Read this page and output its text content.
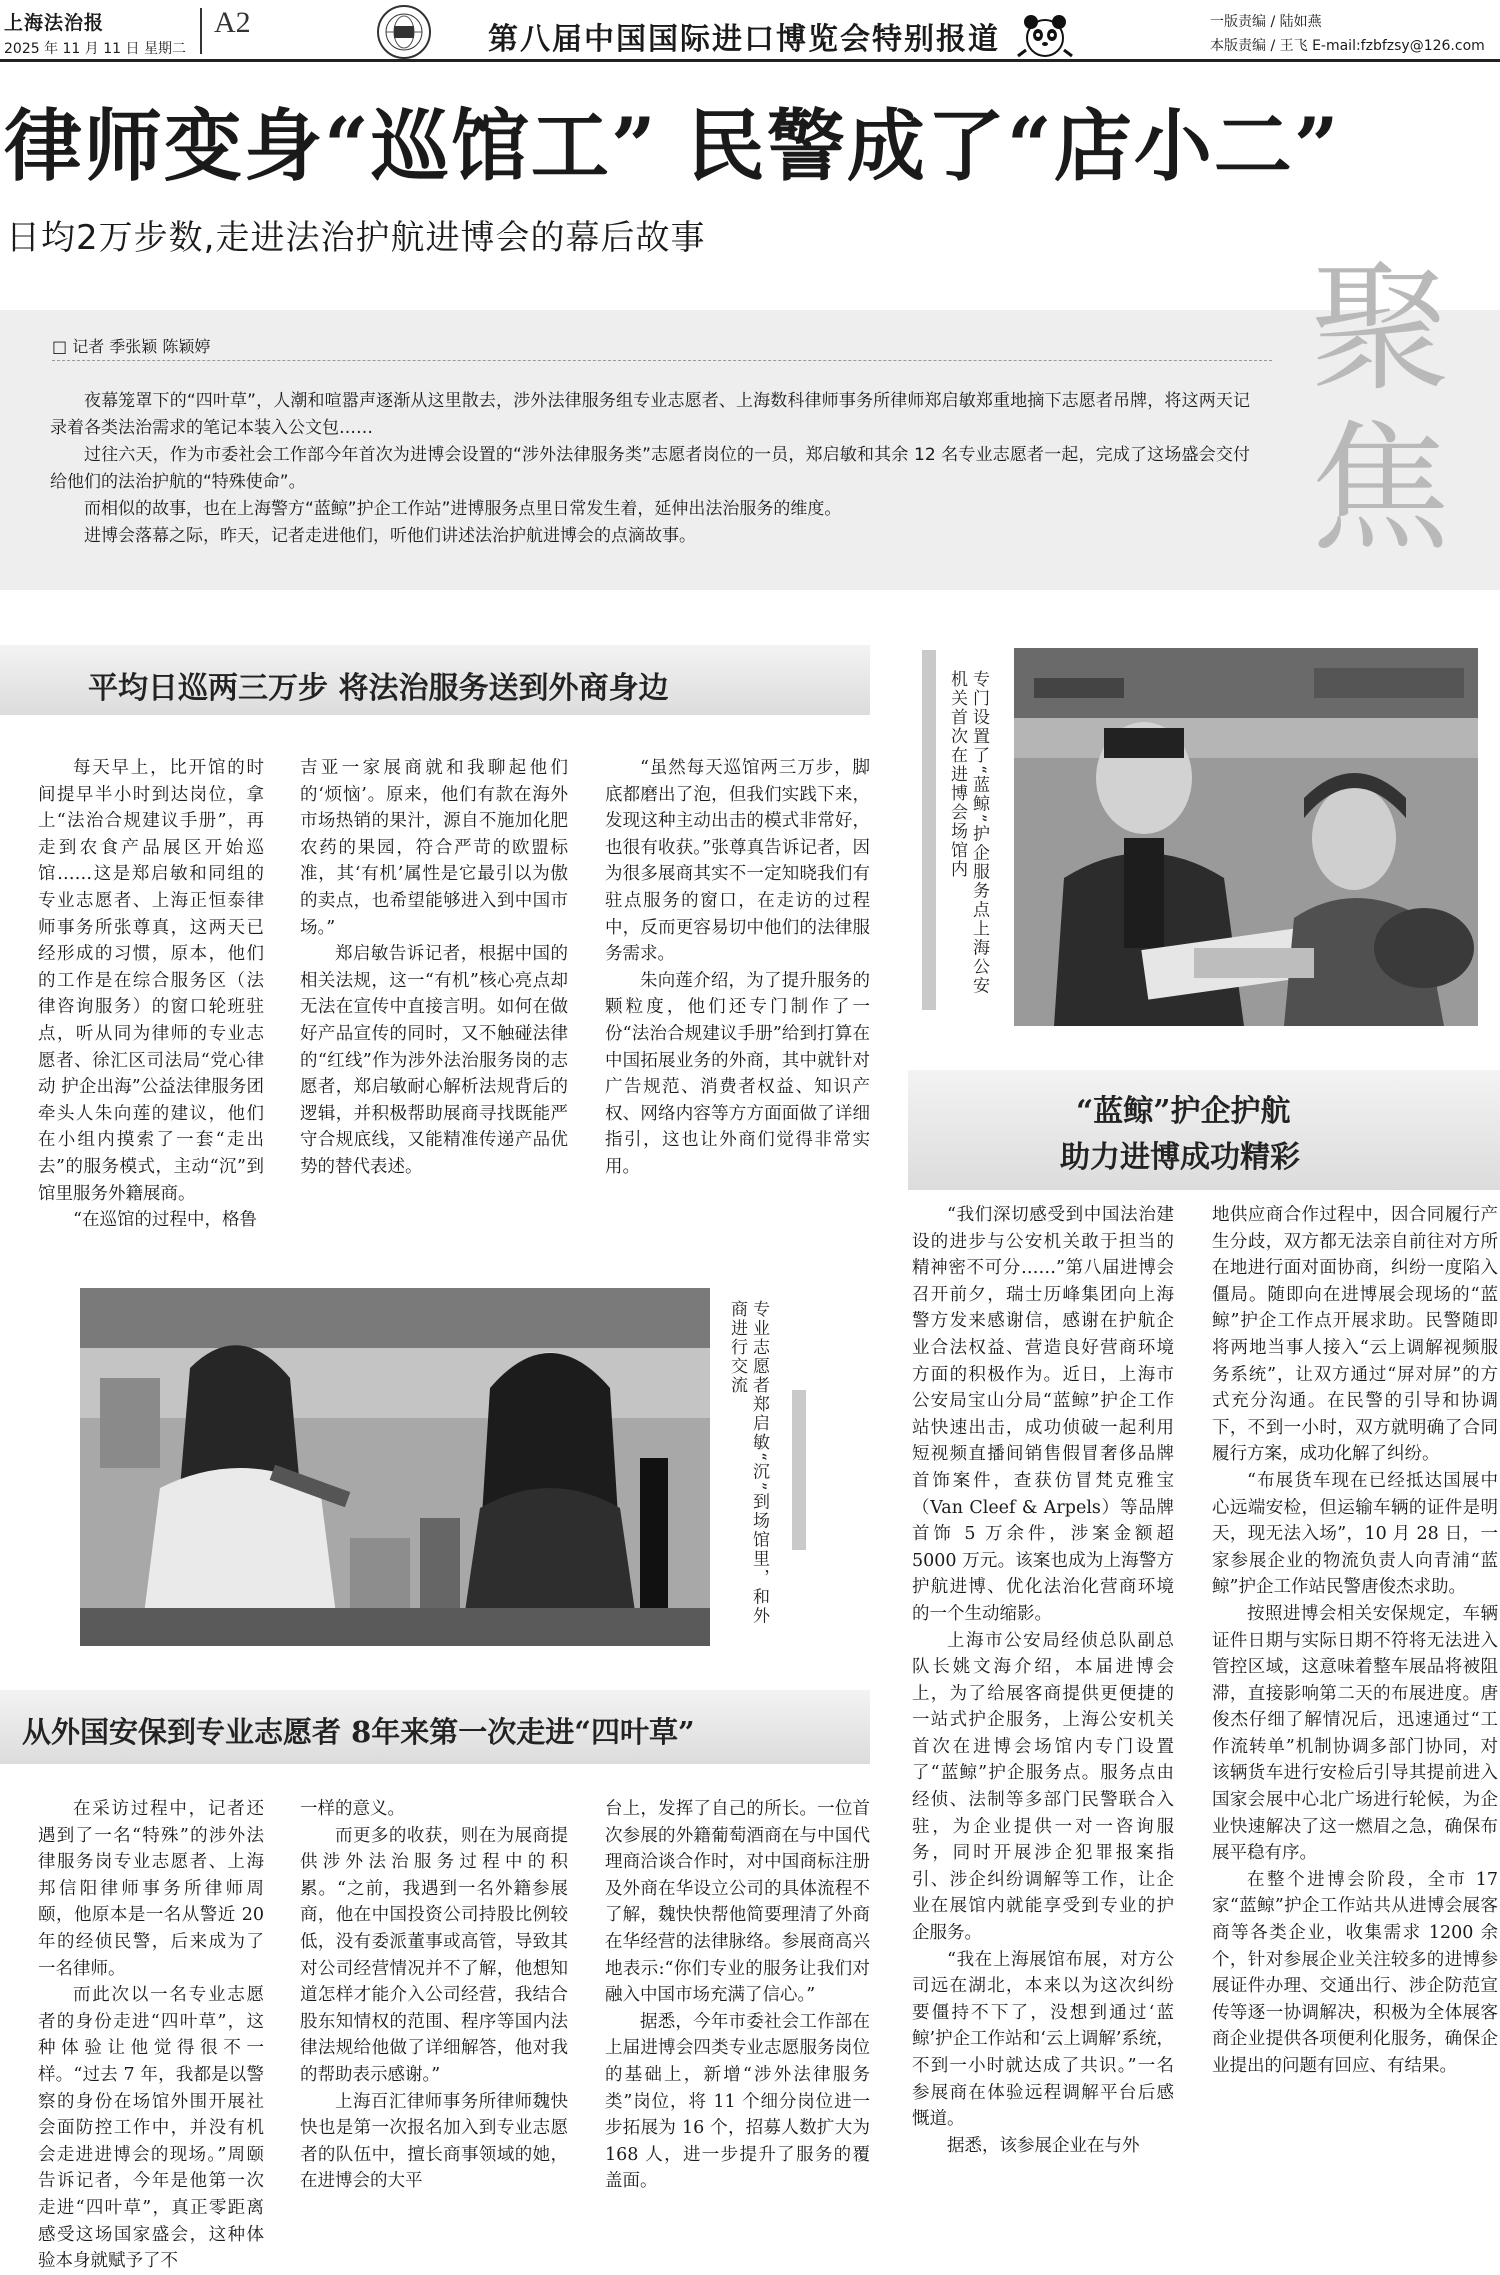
上海法治报
2025 年 11 月 11 日 星期二
A2	第八届中国国际进口博览会特别报道	一版责编 / 陆如燕
本版责编 / 王飞 E-mail:fzbfzsy@126.com
律师变身“巡馆工” 民警成了“店小二”
日均2万步数,走进法治护航进博会的幕后故事
聚焦
□ 记者 季张颖 陈颖婷

夜幕笼罩下的“四叶草”，人潮和喧嚣声逐渐从这里散去，涉外法律服务组专业志愿者、上海数科律师事务所律师郑启敏郑重地摘下志愿者吊牌，将这两天记录着各类法治需求的笔记本装入公文包……

过往六天，作为市委社会工作部今年首次为进博会设置的“涉外法律服务类”志愿者岗位的一员，郑启敏和其余 12 名专业志愿者一起，完成了这场盛会交付给他们的法治护航的“特殊使命”。

而相似的故事，也在上海警方“蓝鲸”护企工作站”进博服务点里日常发生着，延伸出法治服务的维度。

进博会落幕之际，昨天，记者走进他们，听他们讲述法治护航进博会的点滴故事。

平均日巡两三万步 将法治服务送到外商身边

每天早上，比开馆的时间提早半小时到达岗位，拿上“法治合规建议手册”，再走到农食产品展区开始巡馆……这是郑启敏和同组的专业志愿者、上海正恒泰律师事务所张尊真，这两天已经形成的习惯，原本，他们的工作是在综合服务区（法律咨询服务）的窗口轮班驻点，听从同为律师的专业志愿者、徐汇区司法局“党心律动 护企出海”公益法律服务团牵头人朱向莲的建议，他们在小组内摸索了一套“走出去”的服务模式，主动“沉”到馆里服务外籍展商。

“在巡馆的过程中，格鲁

吉亚一家展商就和我聊起他们的‘烦恼’。原来，他们有款在海外市场热销的果汁，源自不施加化肥农药的果园，符合严苛的欧盟标准，其‘有机’属性是它最引以为傲的卖点，也希望能够进入到中国市场。”

郑启敏告诉记者，根据中国的相关法规，这一“有机”核心亮点却无法在宣传中直接言明。如何在做好产品宣传的同时，又不触碰法律的“红线”作为涉外法治服务岗的志愿者，郑启敏耐心解析法规背后的逻辑，并积极帮助展商寻找既能严守合规底线，又能精准传递产品优势的替代表述。

“虽然每天巡馆两三万步，脚底都磨出了泡，但我们实践下来，发现这种主动出击的模式非常好，也很有收获。”张尊真告诉记者，因为很多展商其实不一定知晓我们有驻点服务的窗口，在走访的过程中，反而更容易切中他们的法律服务需求。

朱向莲介绍，为了提升服务的颗粒度，他们还专门制作了一份“法治合规建议手册”给到打算在中国拓展业务的外商，其中就针对广告规范、消费者权益、知识产权、网络内容等方方面面做了详细指引，这也让外商们觉得非常实用。

专门设置了“蓝鲸”护企服务点上海公安机关首次在进博会场馆内
专业志愿者郑启敏“沉”到场馆里，和外商进行交流
“蓝鲸”护企护航
助力进博成功精彩

“我们深切感受到中国法治建设的进步与公安机关敢于担当的精神密不可分……”第八届进博会召开前夕，瑞士历峰集团向上海警方发来感谢信，感谢在护航企业合法权益、营造良好营商环境方面的积极作为。近日，上海市公安局宝山分局“蓝鲸”护企工作站快速出击，成功侦破一起利用短视频直播间销售假冒奢侈品牌首饰案件，查获仿冒梵克雅宝（Van Cleef & Arpels）等品牌首饰 5 万余件，涉案金额超 5000 万元。该案也成为上海警方护航进博、优化法治化营商环境的一个生动缩影。

上海市公安局经侦总队副总队长姚文海介绍，本届进博会上，为了给展客商提供更便捷的一站式护企服务，上海公安机关首次在进博会场馆内专门设置了“蓝鲸”护企服务点。服务点由经侦、法制等多部门民警联合入驻，为企业提供一对一咨询服务，同时开展涉企犯罪报案指引、涉企纠纷调解等工作，让企业在展馆内就能享受到专业的护企服务。

“我在上海展馆布展，对方公司远在湖北，本来以为这次纠纷要僵持不下了，没想到通过‘蓝鲸’护企工作站和‘云上调解’系统，不到一小时就达成了共识。”一名参展商在体验远程调解平台后感慨道。

据悉，该参展企业在与外

地供应商合作过程中，因合同履行产生分歧，双方都无法亲自前往对方所在地进行面对面协商，纠纷一度陷入僵局。随即向在进博展会现场的“蓝鲸”护企工作点开展求助。民警随即将两地当事人接入“云上调解视频服务系统”，让双方通过“屏对屏”的方式充分沟通。在民警的引导和协调下，不到一小时，双方就明确了合同履行方案，成功化解了纠纷。

“布展货车现在已经抵达国展中心远端安检，但运输车辆的证件是明天，现无法入场”，10 月 28 日，一家参展企业的物流负责人向青浦“蓝鲸”护企工作站民警唐俊杰求助。

按照进博会相关安保规定，车辆证件日期与实际日期不符将无法进入管控区域，这意味着整车展品将被阻滞，直接影响第二天的布展进度。唐俊杰仔细了解情况后，迅速通过“工作流转单”机制协调多部门协同，对该辆货车进行安检后引导其提前进入国家会展中心北广场进行轮候，为企业快速解决了这一燃眉之急，确保布展平稳有序。

在整个进博会阶段，全市 17 家“蓝鲸”护企工作站共从进博会展客商等各类企业，收集需求 1200 余个，针对参展企业关注较多的进博参展证件办理、交通出行、涉企防范宣传等逐一协调解决，积极为全体展客商企业提供各项便利化服务，确保企业提出的问题有回应、有结果。

从外国安保到专业志愿者 8年来第一次走进“四叶草”

在采访过程中，记者还遇到了一名“特殊”的涉外法律服务岗专业志愿者、上海邦信阳律师事务所律师周颐，他原本是一名从警近 20 年的经侦民警，后来成为了一名律师。

而此次以一名专业志愿者的身份走进“四叶草”，这种体验让他觉得很不一样。“过去 7 年，我都是以警察的身份在场馆外围开展社会面防控工作中，并没有机会走进进博会的现场。”周颐告诉记者，今年是他第一次走进“四叶草”，真正零距离感受这场国家盛会，这种体验本身就赋予了不

一样的意义。

而更多的收获，则在为展商提供涉外法治服务过程中的积累。“之前，我遇到一名外籍参展商，他在中国投资公司持股比例较低，没有委派董事或高管，导致其对公司经营情况并不了解，他想知道怎样才能介入公司经营，我结合股东知情权的范围、程序等国内法律法规给他做了详细解答，他对我的帮助表示感谢。”

上海百汇律师事务所律师魏快快也是第一次报名加入到专业志愿者的队伍中，擅长商事领域的她，在进博会的大平

台上，发挥了自己的所长。一位首次参展的外籍葡萄酒商在与中国代理商洽谈合作时，对中国商标注册及外商在华设立公司的具体流程不了解，魏快快帮他简要理清了外商在华经营的法律脉络。参展商高兴地表示:“你们专业的服务让我们对融入中国市场充满了信心。”

据悉，今年市委社会工作部在上届进博会四类专业志愿服务岗位的基础上，新增“涉外法律服务类”岗位，将 11 个细分岗位进一步拓展为 16 个，招募人数扩大为 168 人，进一步提升了服务的覆盖面。
